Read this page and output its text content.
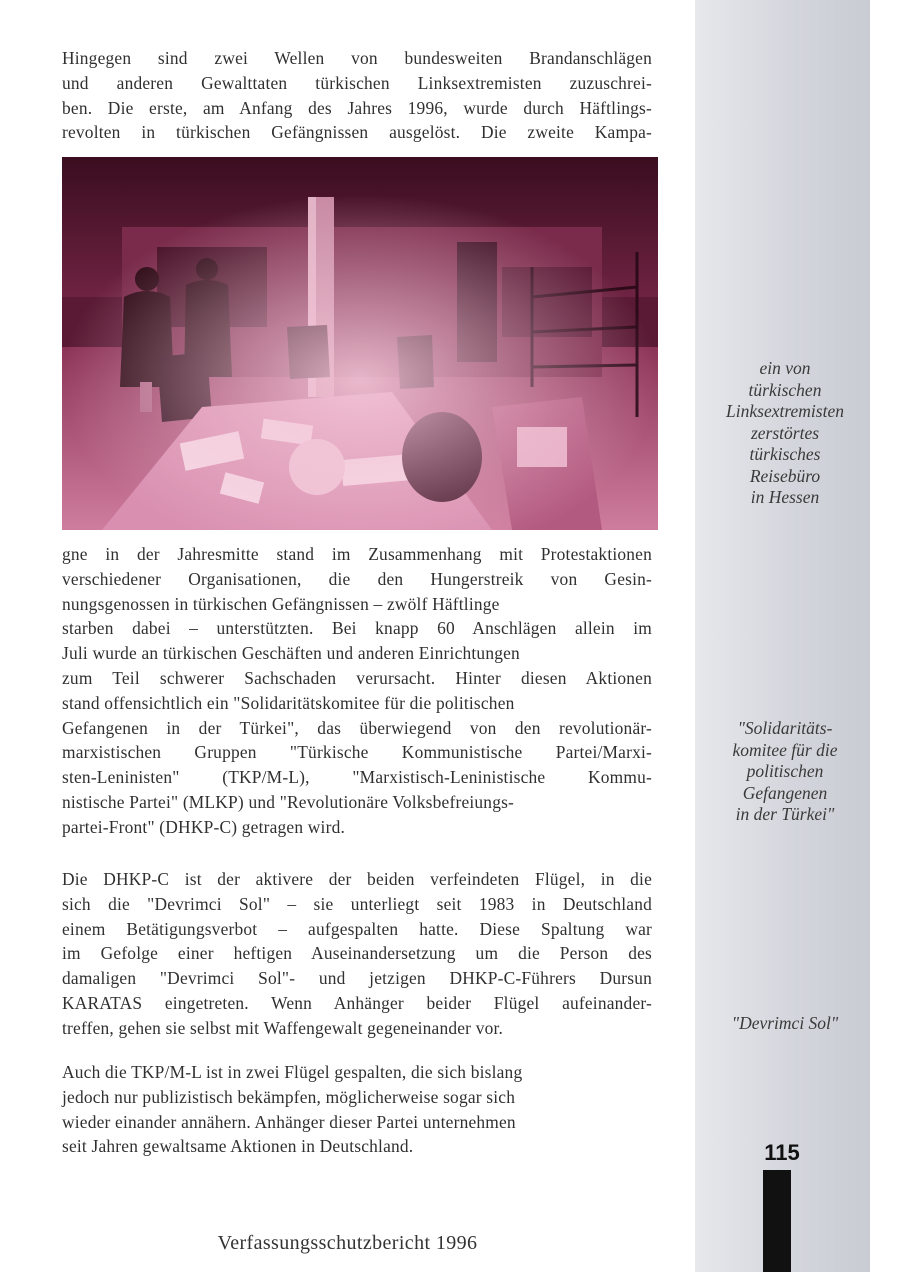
Hingegen sind zwei Wellen von bundesweiten Brandanschlägen
und anderen Gewalttaten türkischen Linksextremisten zuzuschrei-
ben. Die erste, am Anfang des Jahres 1996, wurde durch Häftlings-
revolten in türkischen Gefängnissen ausgelöst. Die zweite Kampa-

gne in der Jahresmitte stand im Zusammenhang mit Protestaktionen
verschiedener Organisationen, die den Hungerstreik von Gesin-
nungsgenossen in türkischen Gefängnissen – zwölf Häftlinge
starben dabei – unterstützten. Bei knapp 60 Anschlägen allein im
Juli wurde an türkischen Geschäften und anderen Einrichtungen
zum Teil schwerer Sachschaden verursacht. Hinter diesen Aktionen
stand offensichtlich ein "Solidaritätskomitee für die politischen
Gefangenen in der Türkei", das überwiegend von den revolutionär-
marxistischen Gruppen "Türkische Kommunistische Partei/Marxi-
sten-Leninisten" (TKP/M-L), "Marxistisch-Leninistische Kommu-
nistische Partei" (MLKP) und "Revolutionäre Volksbefreiungs-
partei-Front" (DHKP-C) getragen wird.

Die DHKP-C ist der aktivere der beiden verfeindeten Flügel, in die
sich die "Devrimci Sol" – sie unterliegt seit 1983 in Deutschland
einem Betätigungsverbot – aufgespalten hatte. Diese Spaltung war
im Gefolge einer heftigen Auseinandersetzung um die Person des
damaligen "Devrimci Sol"- und jetzigen DHKP-C-Führers Dursun
KARATAS eingetreten. Wenn Anhänger beider Flügel aufeinander-
treffen, gehen sie selbst mit Waffengewalt gegeneinander vor.

Auch die TKP/M-L ist in zwei Flügel gespalten, die sich bislang
jedoch nur publizistisch bekämpfen, möglicherweise sogar sich
wieder einander annähern. Anhänger dieser Partei unternehmen
seit Jahren gewaltsame Aktionen in Deutschland.

ein von
türkischen
Linksextremisten
zerstörtes
türkisches
Reisebüro
in Hessen

"Solidaritäts-
komitee für die
politischen
Gefangenen
in der Türkei"

"Devrimci Sol"

115
Verfassungsschutzbericht 1996
